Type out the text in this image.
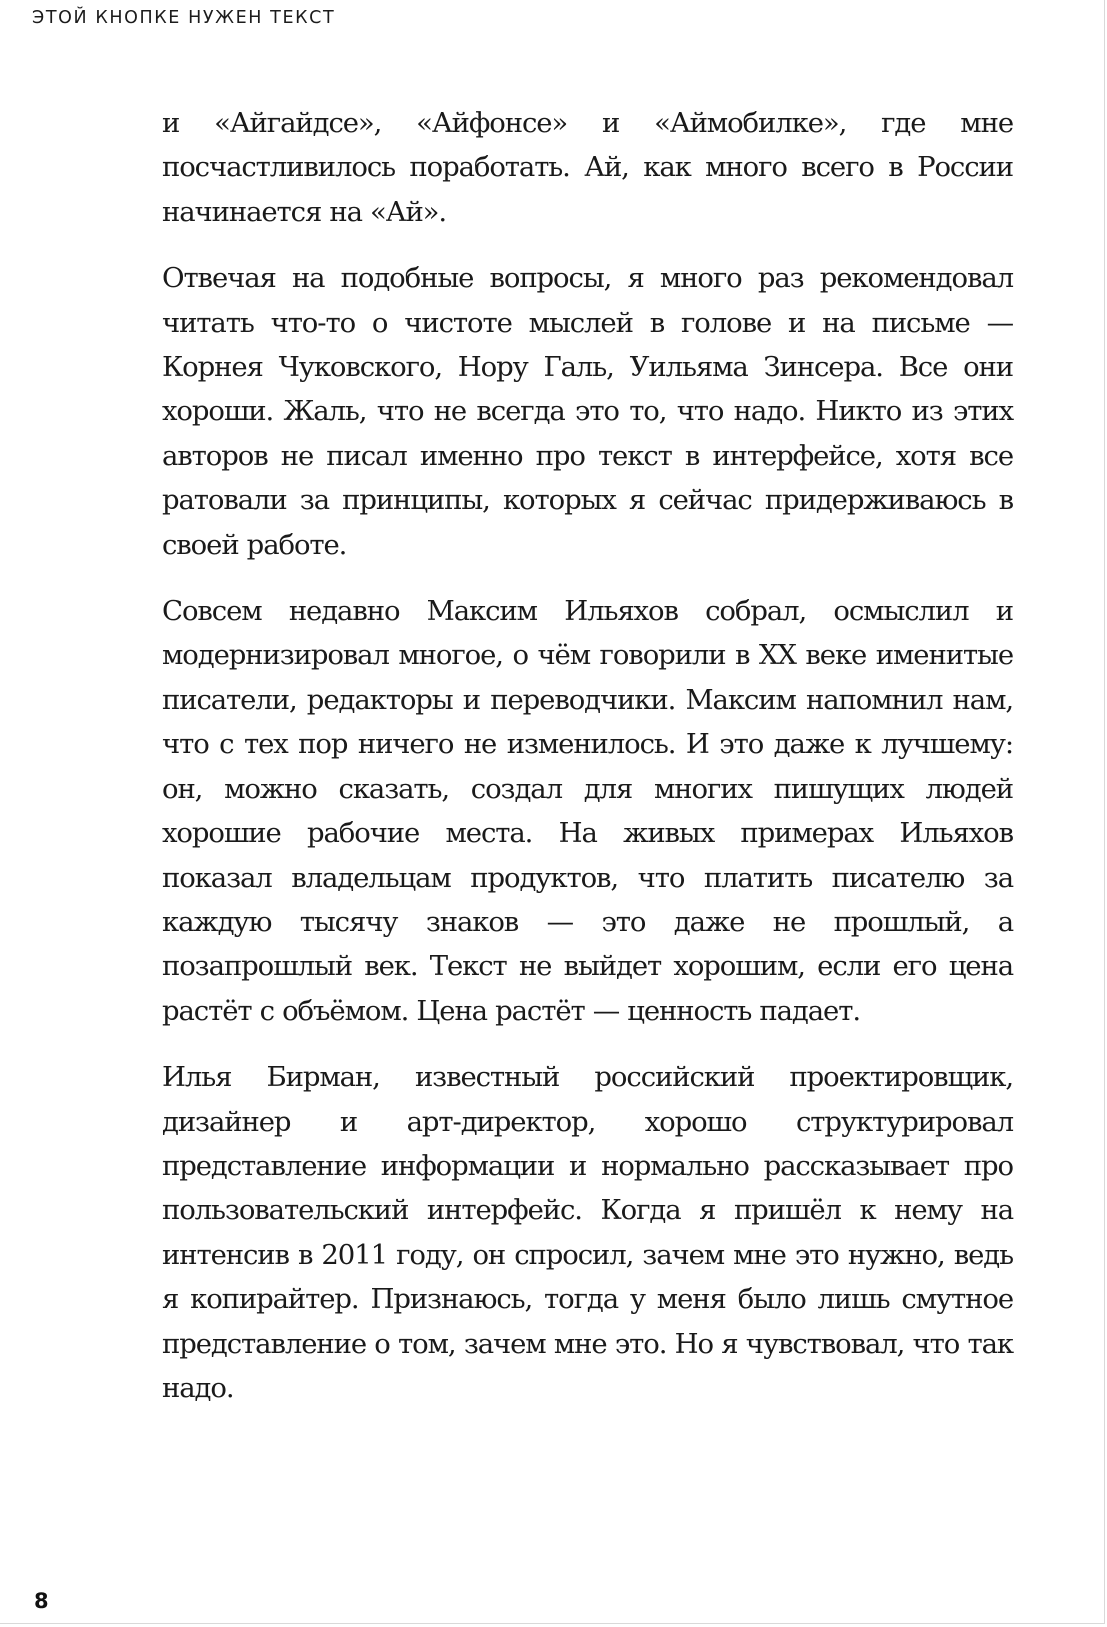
ЭТОЙ КНОПКЕ НУЖЕН ТЕКСТ

и «Айгайдсе», «Айфонсе» и «Аймобилке», где мне посчастливилось поработать. Ай, как много всего в России начинается на «Ай».

Отвечая на подобные вопросы, я много раз рекомендовал читать что-то о чистоте мыслей в голове и на письме — Корнея Чуковского, Нору Галь, Уильяма Зинсера. Все они хороши. Жаль, что не всегда это то, что надо. Никто из этих авторов не писал именно про текст в интерфейсе, хотя все ратовали за принципы, которых я сейчас придерживаюсь в своей работе.

Совсем недавно Максим Ильяхов собрал, осмыслил и модернизировал многое, о чём говорили в XX веке именитые писатели, редакторы и переводчики. Максим напомнил нам, что с тех пор ничего не изменилось. И это даже к лучшему: он, можно сказать, создал для многих пишущих людей хорошие рабочие места. На живых примерах Ильяхов показал владельцам продуктов, что платить писателю за каждую тысячу знаков — это даже не прошлый, а позапрошлый век. Текст не выйдет хорошим, если его цена растёт с объёмом. Цена растёт — ценность падает.

Илья Бирман, известный российский проектировщик, дизайнер и арт-директор, хорошо структурировал представление информации и нормально рассказывает про пользовательский интерфейс. Когда я пришёл к нему на интенсив в 2011 году, он спросил, зачем мне это нужно, ведь я копирайтер. Признаюсь, тогда у меня было лишь смутное представление о том, зачем мне это. Но я чувствовал, что так надо.

8
